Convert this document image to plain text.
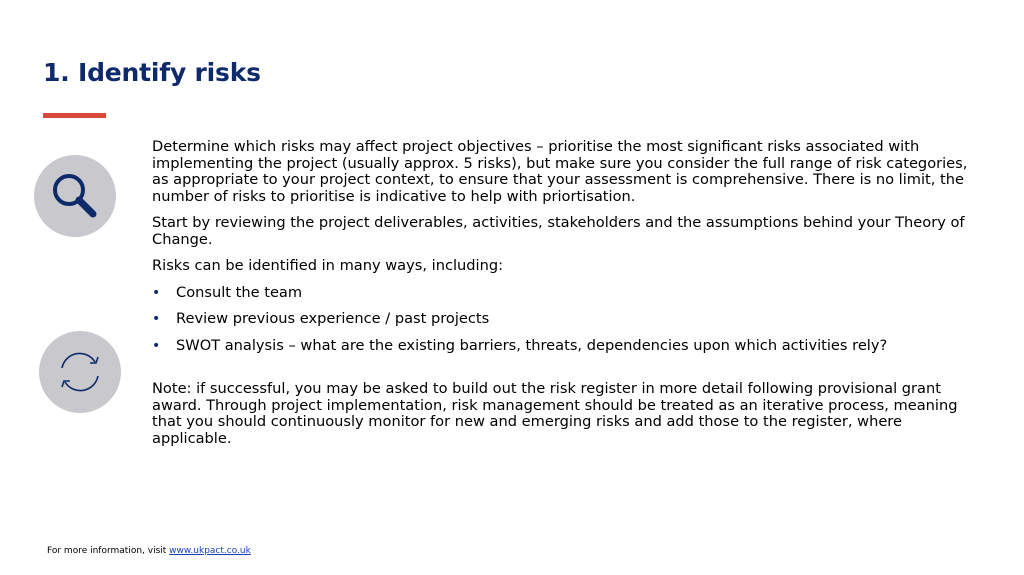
1. Identify risks

Determine which risks may affect project objectives – prioritise the most significant risks associated with implementing the project (usually approx. 5 risks), but make sure you consider the full range of risk categories, as appropriate to your project context, to ensure that your assessment is comprehensive. There is no limit, the number of risks to prioritise is indicative to help with priortisation.

Start by reviewing the project deliverables, activities, stakeholders and the assumptions behind your Theory of Change.

Risks can be identified in many ways, including:

• Consult the team
• Review previous experience / past projects
• SWOT analysis – what are the existing barriers, threats, dependencies upon which activities rely?

Note: if successful, you may be asked to build out the risk register in more detail following provisional grant award. Through project implementation, risk management should be treated as an iterative process, meaning that you should continuously monitor for new and emerging risks and add those to the register, where applicable.

For more information, visit www.ukpact.co.uk
